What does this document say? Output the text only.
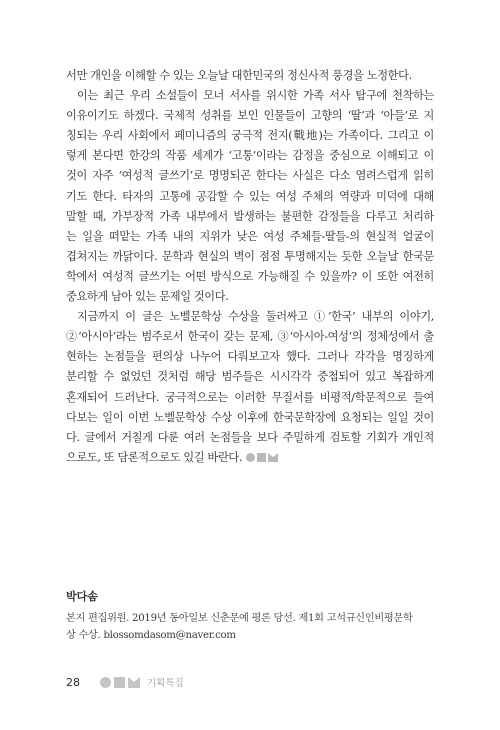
서만 개인을 이해할 수 있는 오늘날 대한민국의 정신사적 풍경을 노정한다.
이는 최근 우리 소설들이 모너 서사를 위시한 가족 서사 탐구에 천착하는
이유이기도 하겠다. 국제적 성취를 보인 인물들이 고향의 ‘딸’과 ‘아들’로 지
칭되는 우리 사회에서 페미니즘의 궁극적 전지(戰地)는 가족이다. 그리고 이
렇게 본다면 한강의 작품 세계가 ‘고통’이라는 감정을 중심으로 이해되고 이
것이 자주 ‘여성적 글쓰기’로 명명되곤 한다는 사실은 다소 염려스럽게 읽히
기도 한다. 타자의 고통에 공감할 수 있는 여성 주체의 역량과 미덕에 대해
말할 때, 가부장적 가족 내부에서 발생하는 불편한 감정들을 다루고 처리하
는 일을 떠맡는 가족 내의 지위가 낮은 여성 주체들-딸들-의 현실적 얼굴이
겹쳐지는 까닭이다. 문학과 현실의 벽이 점점 투명해지는 듯한 오늘날 한국문
학에서 여성적 글쓰기는 어떤 방식으로 가능해질 수 있을까? 이 또한 여전히
중요하게 남아 있는 문제일 것이다.
지금까지 이 글은 노벨문학상 수상을 둘러싸고 ①‘한국’ 내부의 이야기,
②‘아시아’라는 범주로서 한국이 갖는 문제, ③‘아시아-여성’의 정체성에서 출
현하는 논점들을 편의상 나누어 다뤄보고자 했다. 그러나 각각을 명징하게
분리할 수 없었던 것처럼 해당 범주들은 시시각각 중첩되어 있고 복잡하게
혼재되어 드러난다. 궁극적으로는 이러한 무질서를 비평적/학문적으로 들여
다보는 일이 이번 노벨문학상 수상 이후에 한국문학장에 요청되는 일일 것이
다. 글에서 거칠게 다룬 여러 논점들을 보다 주밀하게 검토할 기회가 개인적
으로도, 또 담론적으로도 있길 바란다.
박다솜
본지 편집위원. 2019년 동아일보 신춘문예 평론 당선. 제1회 고석규신인비평문학
상 수상. blossomdasom@naver.com
28	기획특집
